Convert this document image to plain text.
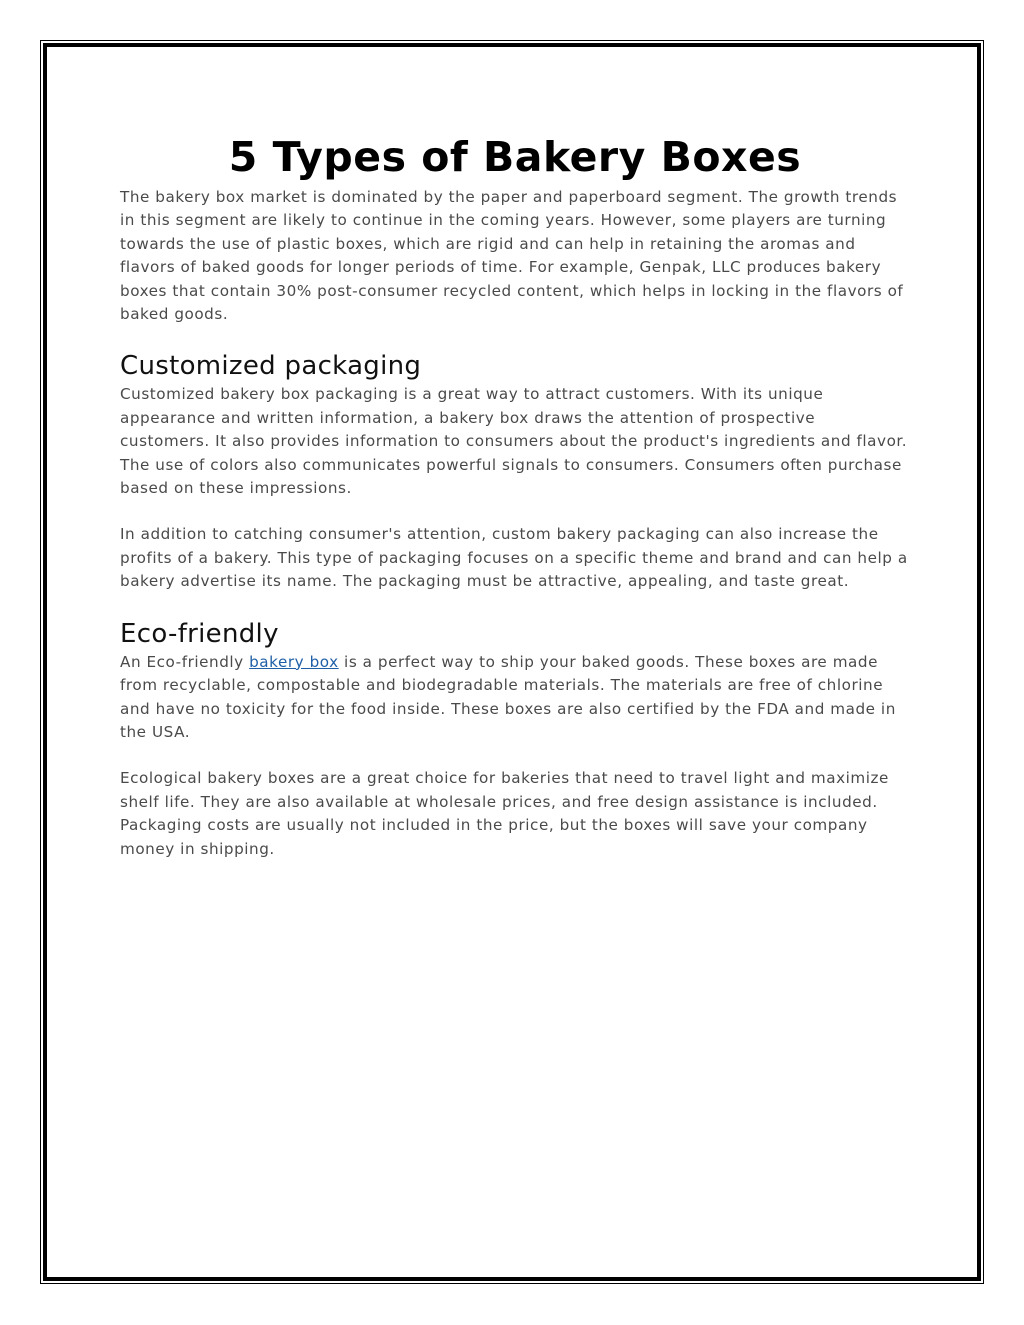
5 Types of Bakery Boxes

The bakery box market is dominated by the paper and paperboard segment. The growth trends in this segment are likely to continue in the coming years. However, some players are turning towards the use of plastic boxes, which are rigid and can help in retaining the aromas and flavors of baked goods for longer periods of time. For example, Genpak, LLC produces bakery boxes that contain 30% post-consumer recycled content, which helps in locking in the flavors of baked goods.

Customized packaging

Customized bakery box packaging is a great way to attract customers. With its unique appearance and written information, a bakery box draws the attention of prospective customers. It also provides information to consumers about the product's ingredients and flavor. The use of colors also communicates powerful signals to consumers. Consumers often purchase based on these impressions.

In addition to catching consumer's attention, custom bakery packaging can also increase the profits of a bakery. This type of packaging focuses on a specific theme and brand and can help a bakery advertise its name. The packaging must be attractive, appealing, and taste great.

Eco-friendly

An Eco-friendly bakery box is a perfect way to ship your baked goods. These boxes are made from recyclable, compostable and biodegradable materials. The materials are free of chlorine and have no toxicity for the food inside. These boxes are also certified by the FDA and made in the USA.

Ecological bakery boxes are a great choice for bakeries that need to travel light and maximize shelf life. They are also available at wholesale prices, and free design assistance is included. Packaging costs are usually not included in the price, but the boxes will save your company money in shipping.
